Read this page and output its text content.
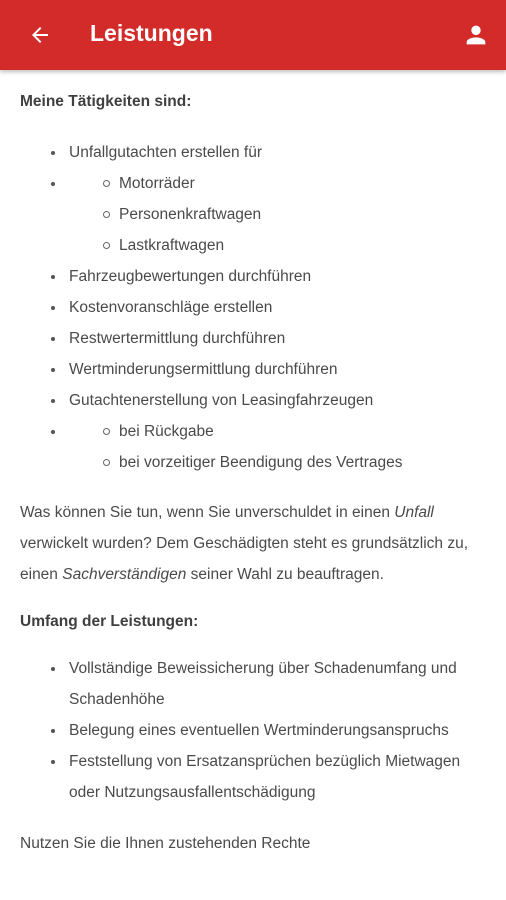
Leistungen

Meine Tätigkeiten sind:

Unfallgutachten erstellen für
Motorräder
Personenkraftwagen
Lastkraftwagen
Fahrzeugbewertungen durchführen
Kostenvoranschläge erstellen
Restwertermittlung durchführen
Wertminderungsermittlung durchführen
Gutachtenerstellung von Leasingfahrzeugen
bei Rückgabe
bei vorzeitiger Beendigung des Vertrages

Was können Sie tun, wenn Sie unverschuldet in einen Unfall verwickelt wurden? Dem Geschädigten steht es grundsätzlich zu, einen Sachverständigen seiner Wahl zu beauftragen.

Umfang der Leistungen:

Vollständige Beweissicherung über Schadenumfang und Schadenhöhe
Belegung eines eventuellen Wertminderungsanspruchs
Feststellung von Ersatzansprüchen bezüglich Mietwagen oder Nutzungsausfallentschädigung

Nutzen Sie die Ihnen zustehenden Rechte
